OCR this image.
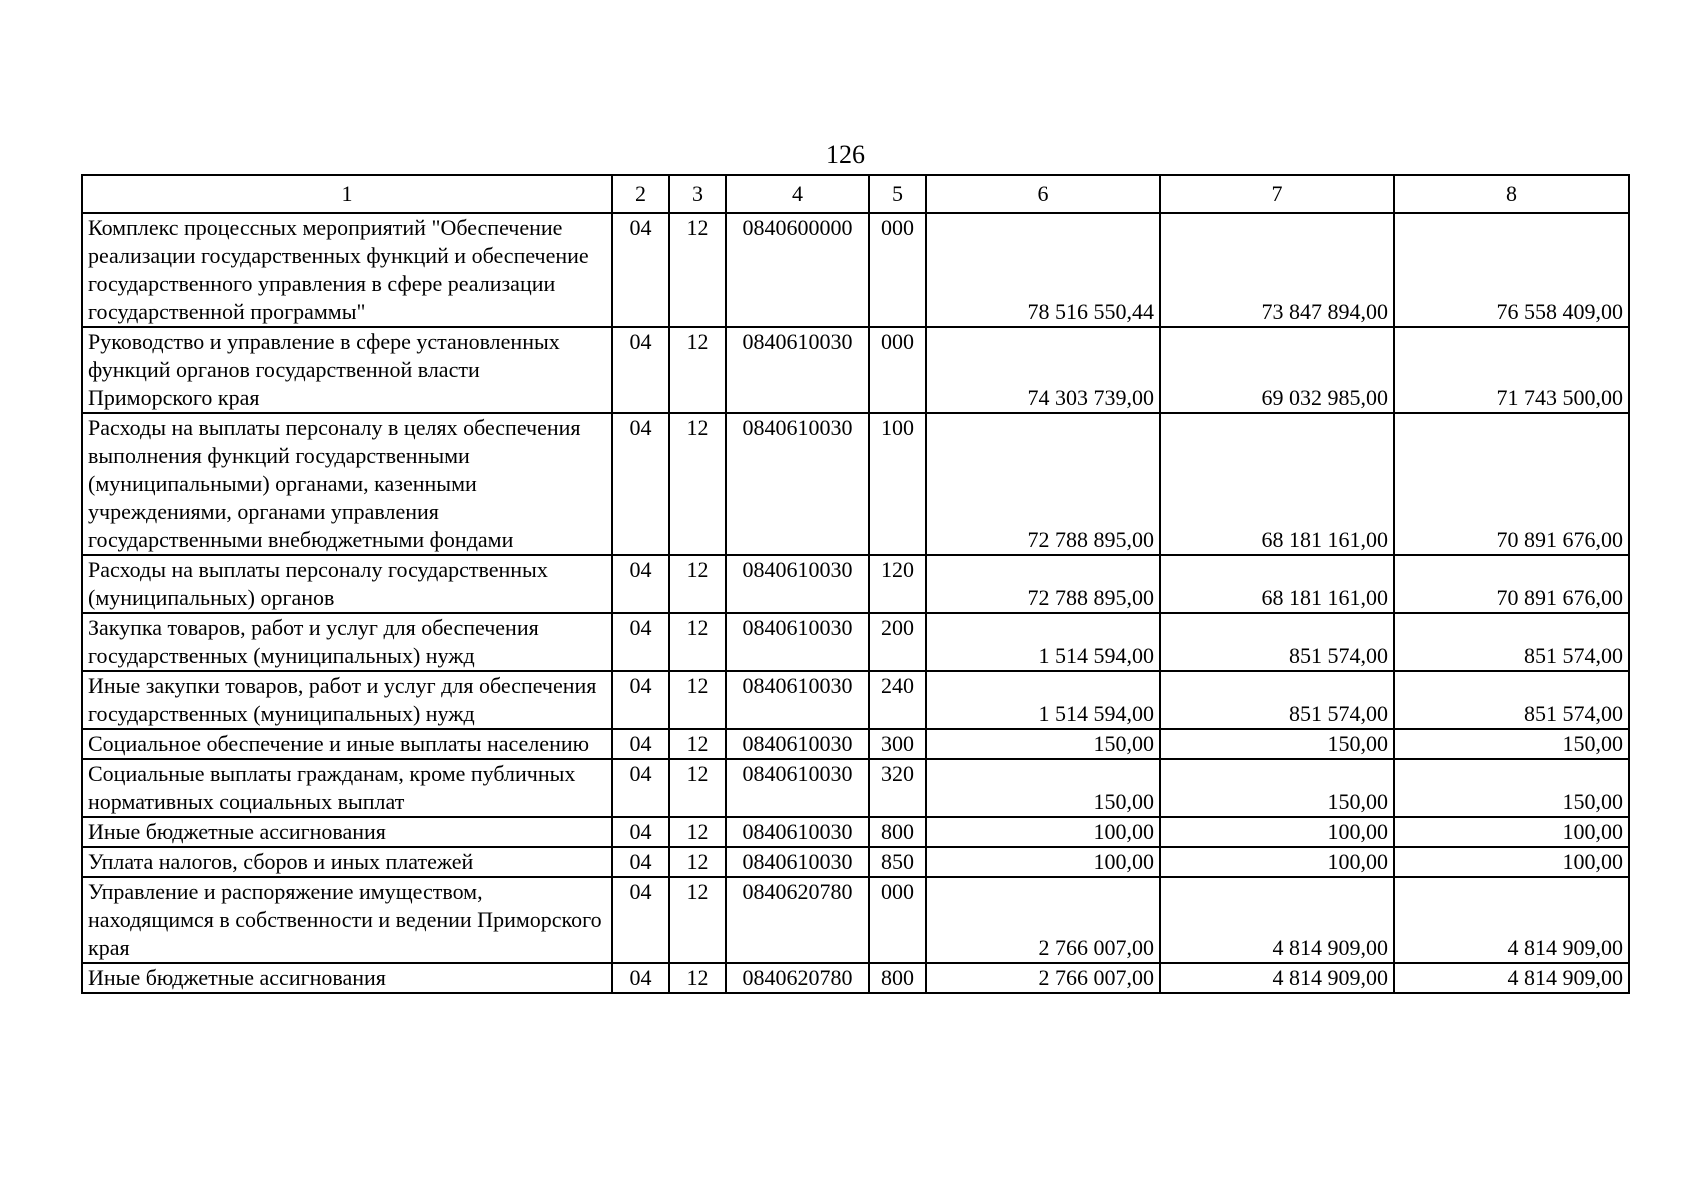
126
1	2	3	4	5	6	7	8
Комплекс процессных мероприятий "Обеспечение реализации государственных функций и обеспечение государственного управления в сфере реализации государственной программы"	04	12	0840600000	000	78 516 550,44	73 847 894,00	76 558 409,00
Руководство и управление в сфере установленных функций органов государственной власти Приморского края	04	12	0840610030	000	74 303 739,00	69 032 985,00	71 743 500,00
Расходы на выплаты персоналу в целях обеспечения выполнения функций государственными (муниципальными) органами, казенными учреждениями, органами управления государственными внебюджетными фондами	04	12	0840610030	100	72 788 895,00	68 181 161,00	70 891 676,00
Расходы на выплаты персоналу государственных (муниципальных) органов	04	12	0840610030	120	72 788 895,00	68 181 161,00	70 891 676,00
Закупка товаров, работ и услуг для обеспечения государственных (муниципальных) нужд	04	12	0840610030	200	1 514 594,00	851 574,00	851 574,00
Иные закупки товаров, работ и услуг для обеспечения государственных (муниципальных) нужд	04	12	0840610030	240	1 514 594,00	851 574,00	851 574,00
Социальное обеспечение и иные выплаты населению	04	12	0840610030	300	150,00	150,00	150,00
Социальные выплаты гражданам, кроме публичных нормативных социальных выплат	04	12	0840610030	320	150,00	150,00	150,00
Иные бюджетные ассигнования	04	12	0840610030	800	100,00	100,00	100,00
Уплата налогов, сборов и иных платежей	04	12	0840610030	850	100,00	100,00	100,00
Управление и распоряжение имуществом, находящимся в собственности и ведении Приморского края	04	12	0840620780	000	2 766 007,00	4 814 909,00	4 814 909,00
Иные бюджетные ассигнования	04	12	0840620780	800	2 766 007,00	4 814 909,00	4 814 909,00
